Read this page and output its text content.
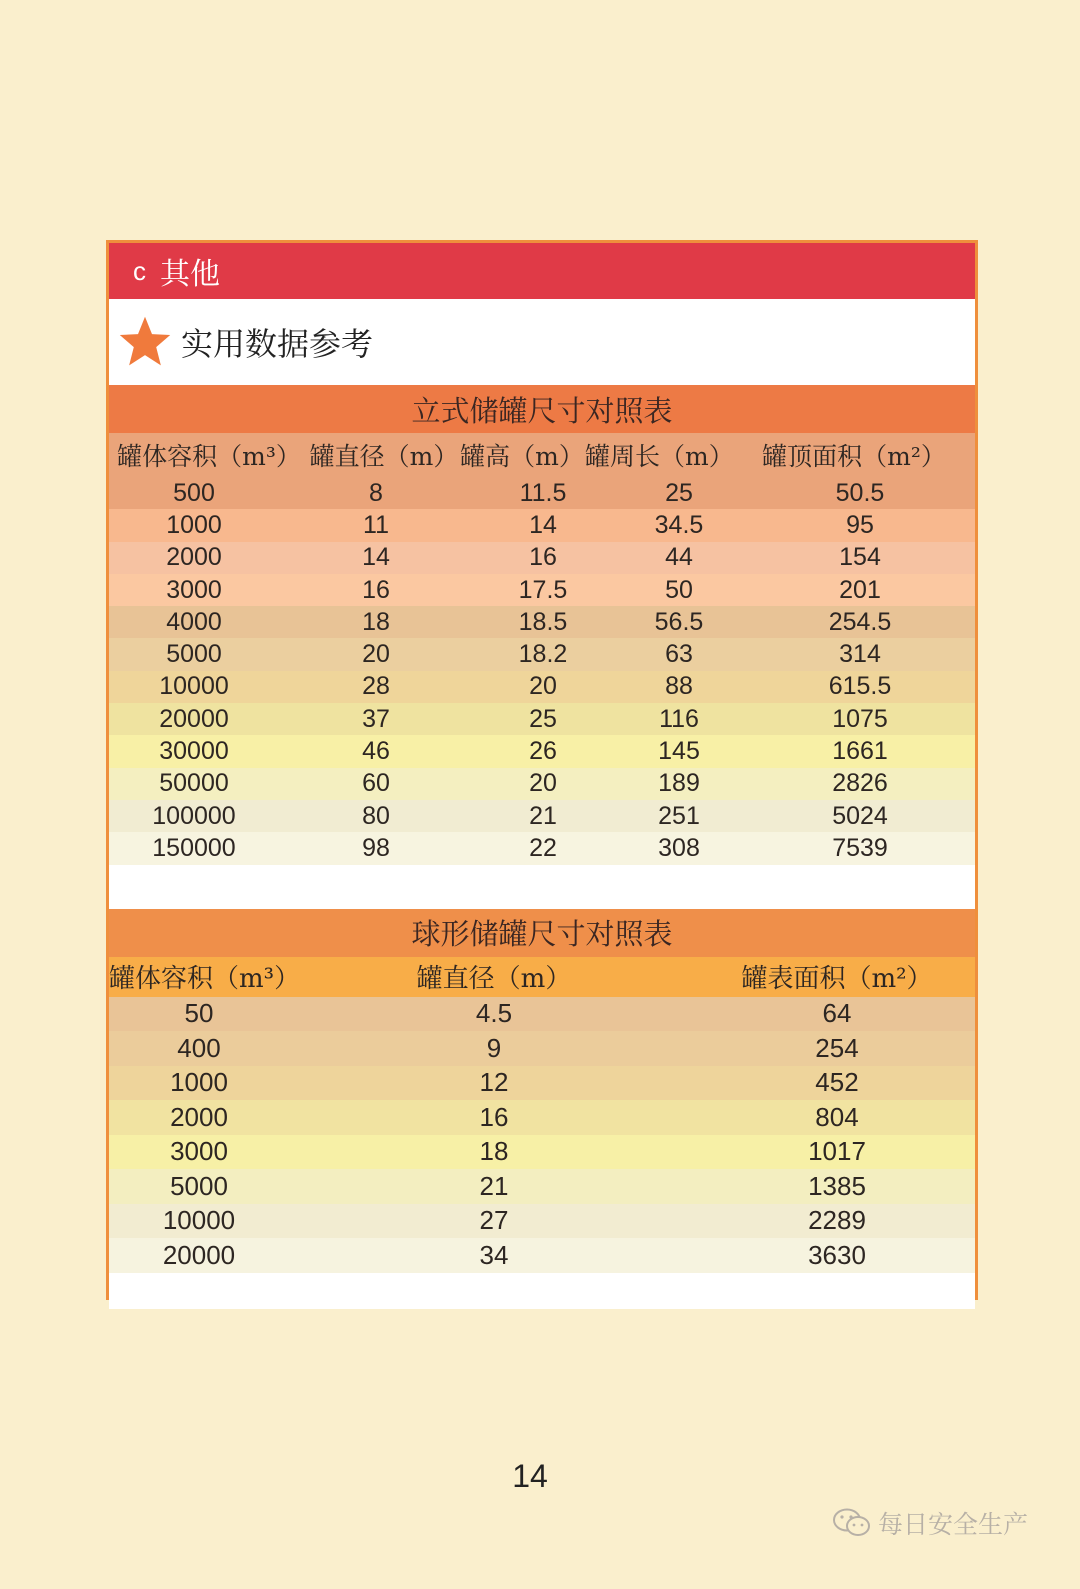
c 其他
实用数据参考
立式储罐尺寸对照表
罐体容积（m³） 罐直径（m） 罐高（m） 罐周长（m）	罐顶面积（m²）
500	8	11.5	25	50.5
1000	11	14	34.5	95
2000	14	16	44	154
3000	16	17.5	50	201
4000	18	18.5	56.5	254.5
5000	20	18.2	63	314
10000	28	20	88	615.5
20000	37	25	116	1075
30000	46	26	145	1661
50000	60	20	189	2826
100000	80	21	251	5024
150000	98	22	308	7539
球形储罐尺寸对照表
罐体容积（m³）	罐直径（m）	罐表面积（m²）
50	4.5	64
400	9	254
1000	12	452
2000	16	804
3000	18	1017
5000	21	1385
10000	27	2289
20000	34	3630
14
每日安全生产
